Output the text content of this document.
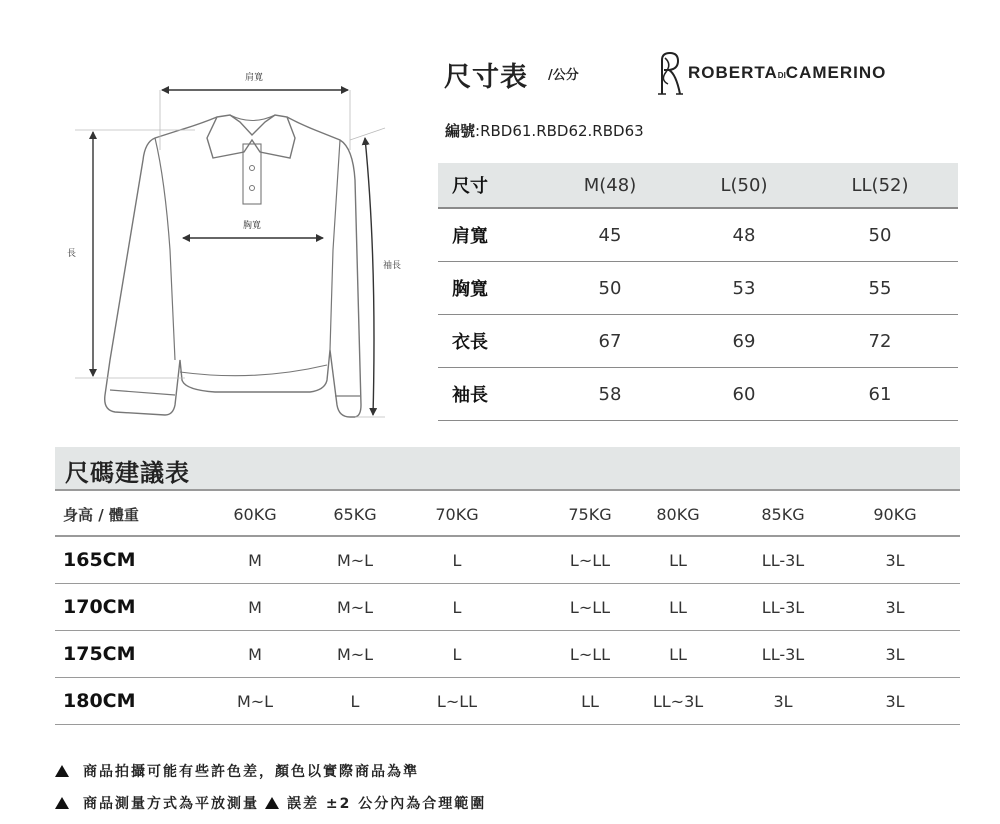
肩寬
胸寬
長
袖長
尺寸表 /公分	ROBERTADICAMERINO
編號:RBD61.RBD62.RBD63
尺寸	M(48)	L(50)	LL(52)
肩寬	45	48	50
胸寬	50	53	55
衣長	67	69	72
袖長	58	60	61
尺碼建議表
身高 / 體重	60KG	65KG	70KG	75KG	80KG	85KG	90KG
165CM	M	M~L	L	L~LL	LL	LL-3L	3L
170CM	M	M~L	L	L~LL	LL	LL-3L	3L
175CM	M	M~L	L	L~LL	LL	LL-3L	3L
180CM	M~L	L	L~LL	LL	LL~3L	3L	3L
商品拍攝可能有些許色差，顏色以實際商品為準
商品測量方式為平放測量 誤差 ±2 公分內為合理範圍
